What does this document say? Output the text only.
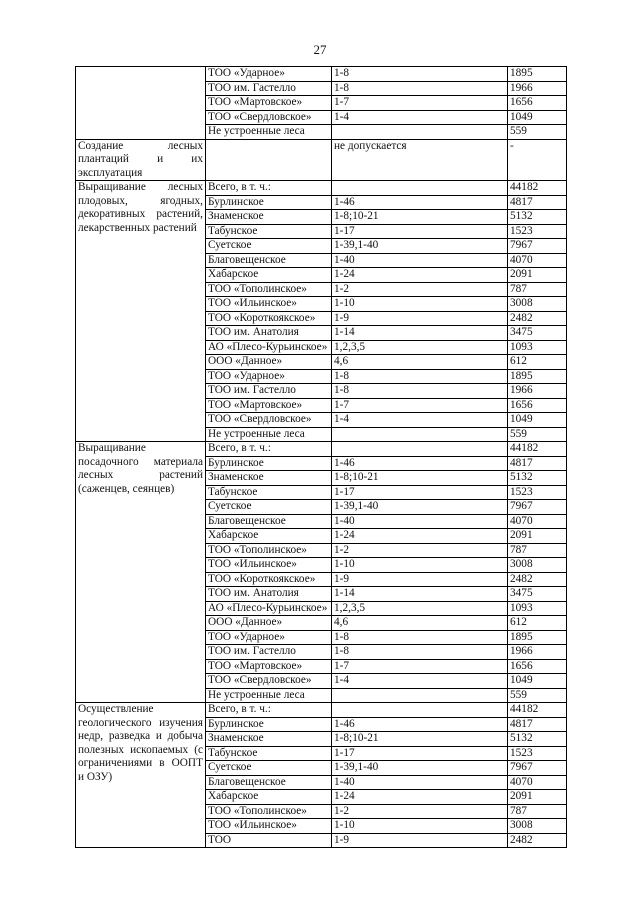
27
	ТОО «Ударное»	1-8	1895
	ТОО им. Гастелло	1-8	1966
	ТОО «Мартовское»	1-7	1656
	ТОО «Свердловское»	1-4	1049
	Не устроенные леса		559

Создание лесных плантаций и их эксплуатация		не допускается	-

Выращивание лесных плодовых, ягодных, декоративных растений, лекарственных растений	Всего, в т. ч.:		44182
	Бурлинское	1-46	4817
	Знаменское	1-8;10-21	5132
	Табунское	1-17	1523
	Суетское	1-39,1-40	7967
	Благовещенское	1-40	4070
	Хабарское	1-24	2091
	ТОО «Тополинское»	1-2	787
	ТОО «Ильинское»	1-10	3008
	ТОО «Короткоякское»	1-9	2482
	ТОО им. Анатолия	1-14	3475
	АО «Плесо-Курьинское»	1,2,3,5	1093
	ООО «Данное»	4,6	612
	ТОО «Ударное»	1-8	1895
	ТОО им. Гастелло	1-8	1966
	ТОО «Мартовское»	1-7	1656
	ТОО «Свердловское»	1-4	1049
	Не устроенные леса		559

Выращивание посадочного материала лесных растений (саженцев, сеянцев)	Всего, в т. ч.:		44182
	Бурлинское	1-46	4817
	Знаменское	1-8;10-21	5132
	Табунское	1-17	1523
	Суетское	1-39,1-40	7967
	Благовещенское	1-40	4070
	Хабарское	1-24	2091
	ТОО «Тополинское»	1-2	787
	ТОО «Ильинское»	1-10	3008
	ТОО «Короткоякское»	1-9	2482
	ТОО им. Анатолия	1-14	3475
	АО «Плесо-Курьинское»	1,2,3,5	1093
	ООО «Данное»	4,6	612
	ТОО «Ударное»	1-8	1895
	ТОО им. Гастелло	1-8	1966
	ТОО «Мартовское»	1-7	1656
	ТОО «Свердловское»	1-4	1049
	Не устроенные леса		559

Осуществление геологического изучения недр, разведка и добыча полезных ископаемых (с ограничениями в ООПТ и ОЗУ)	Всего, в т. ч.:		44182
	Бурлинское	1-46	4817
	Знаменское	1-8;10-21	5132
	Табунское	1-17	1523
	Суетское	1-39,1-40	7967
	Благовещенское	1-40	4070
	Хабарское	1-24	2091
	ТОО «Тополинское»	1-2	787
	ТОО «Ильинское»	1-10	3008
	ТОО	1-9	2482
